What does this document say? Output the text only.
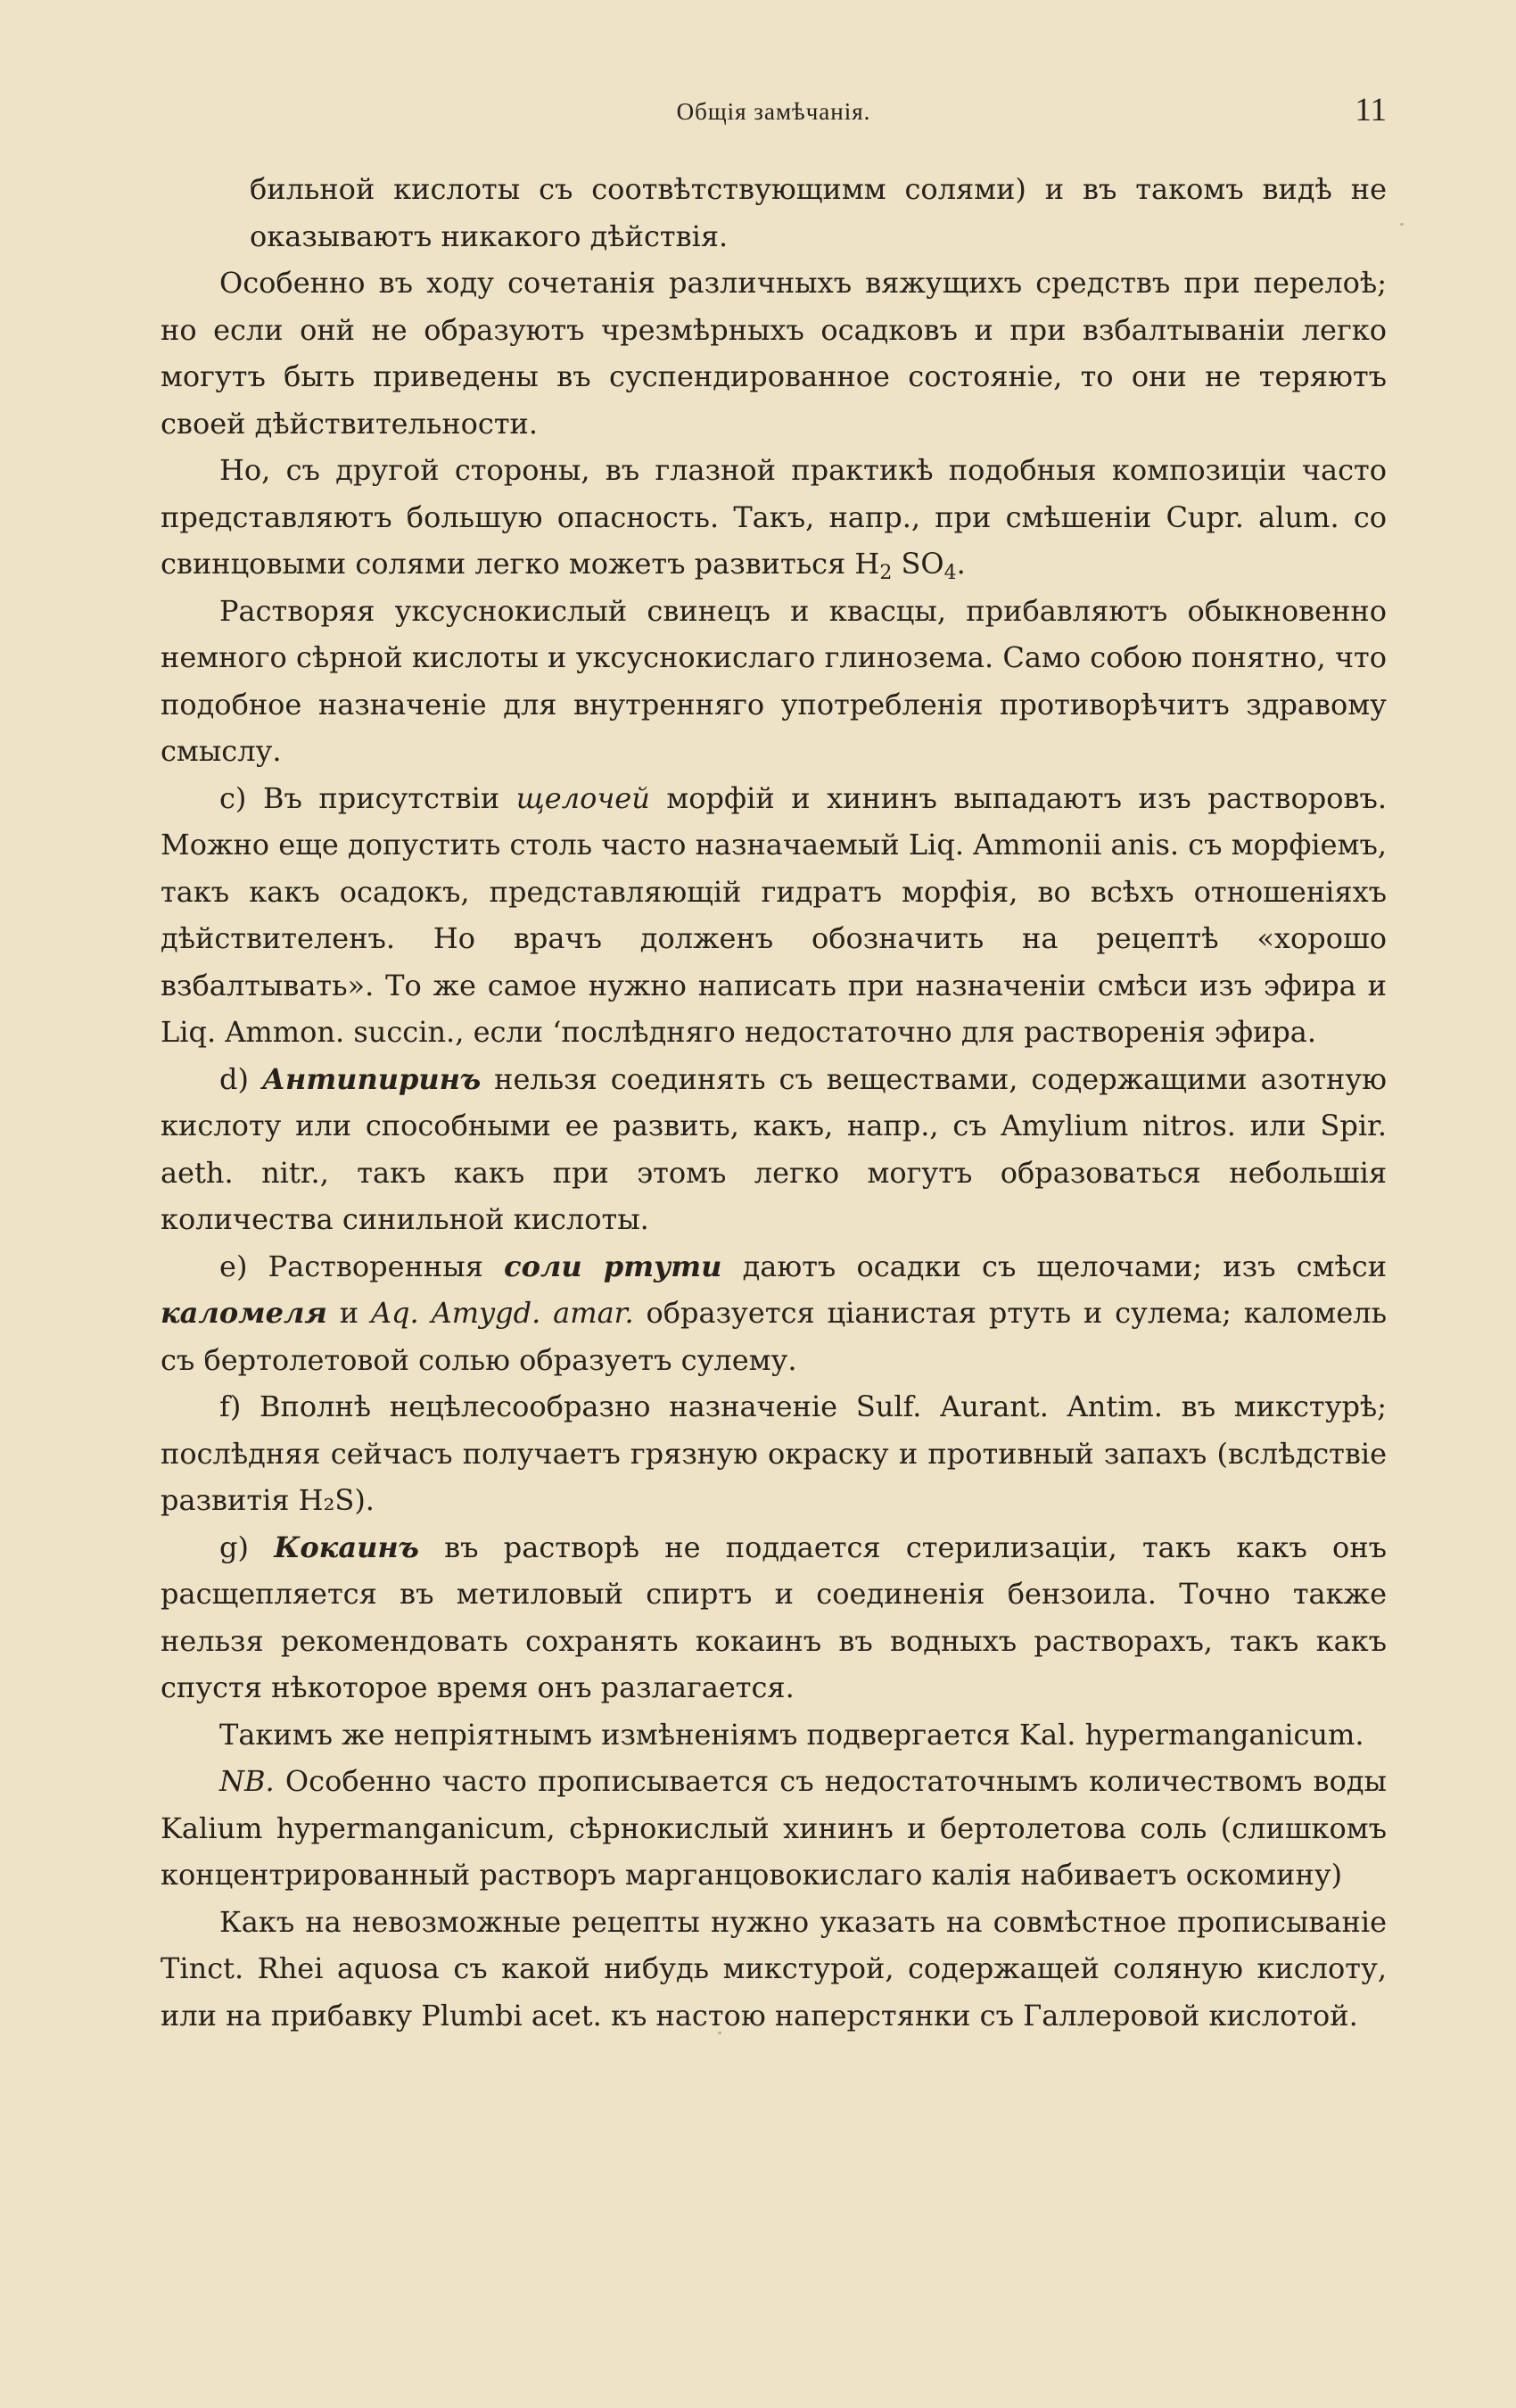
Общія замѣчанія.	11

бильной кислоты съ соотвѣтствующимм солями) и въ такомъ видѣ не оказываютъ никакого дѣйствія.

Особенно въ ходу сочетанія различныхъ вяжущихъ средствъ при перелоѣ; но если онй не образуютъ чрезмѣрныхъ осадковъ и при взбалтываніи легко могутъ быть приведены въ суспендированное состояніе, то они не теряютъ своей дѣйствительности.

Но, съ другой стороны, въ глазной практикѣ подобныя композиціи часто представляютъ большую опасность. Такъ, напр., при смѣшеніи Cupr. alum. со свинцовыми солями легко можетъ развиться $H_2$ $SO_4$.

Растворяя уксуснокислый свинецъ и квасцы, прибавляютъ обыкновенно немного сѣрной кислоты и уксуснокислаго глинозема. Само собою понятно, что подобное назначеніе для внутренняго употребленія противорѣчитъ здравому смыслу.

c) Въ присутствіи щелочей морфій и хининъ выпадаютъ изъ растворовъ. Можно еще допустить столь часто назначаемый Liq. Ammonii anis. съ морфіемъ, такъ какъ осадокъ, представляющій гидратъ морфія, во всѣхъ отношеніяхъ дѣйствителенъ. Но врачъ долженъ обозначить на рецептѣ «хорошо взбалтывать». То же самое нужно написать при назначеніи смѣси изъ эфира и Liq. Ammon. succin., если ‘послѣдняго недостаточно для растворенія эфира.

d) Антипиринъ нельзя соединять съ веществами, содержащими азотную кислоту или способными ее развить, какъ, напр., съ Amylium nitros. или Spir. aeth. nitr., такъ какъ при этомъ легко могутъ образоваться небольшія количества синильной кислоты.

e) Растворенныя соли ртути даютъ осадки съ щелочами; изъ смѣси каломеля и Aq. Amygd. amar. образуется ціанистая ртуть и сулема; каломель съ бертолетовой солью образуетъ сулему.

f) Вполнѣ нецѣлесообразно назначеніе Sulf. Aurant. Antim. въ микстурѣ; послѣдняя сейчасъ получаетъ грязную окраску и противный запахъ (вслѣдствіе развитія H₂S).

g) Кокаинъ въ растворѣ не поддается стерилизаціи, такъ какъ онъ расщепляется въ метиловый спиртъ и соединенія бензоила. Точно также нельзя рекомендовать сохранять кокаинъ въ водныхъ растворахъ, такъ какъ спустя нѣкоторое время онъ разлагается.

Такимъ же непріятнымъ измѣненіямъ подвергается Kal. hypermanganicum.

NB. Особенно часто прописывается съ недостаточнымъ количествомъ воды Kalium hypermanganicum, сѣрнокислый хининъ и бертолетова соль (слишкомъ концентрированный растворъ марганцовокислаго калія набиваетъ оскомину)

Какъ на невозможные рецепты нужно указать на совмѣстное прописываніе Tinct. Rhei aquosa съ какой нибудь микстурой, содержащей соляную кислоту, или на прибавку Plumbi acet. къ настою наперстянки съ Галлеровой кислотой.
